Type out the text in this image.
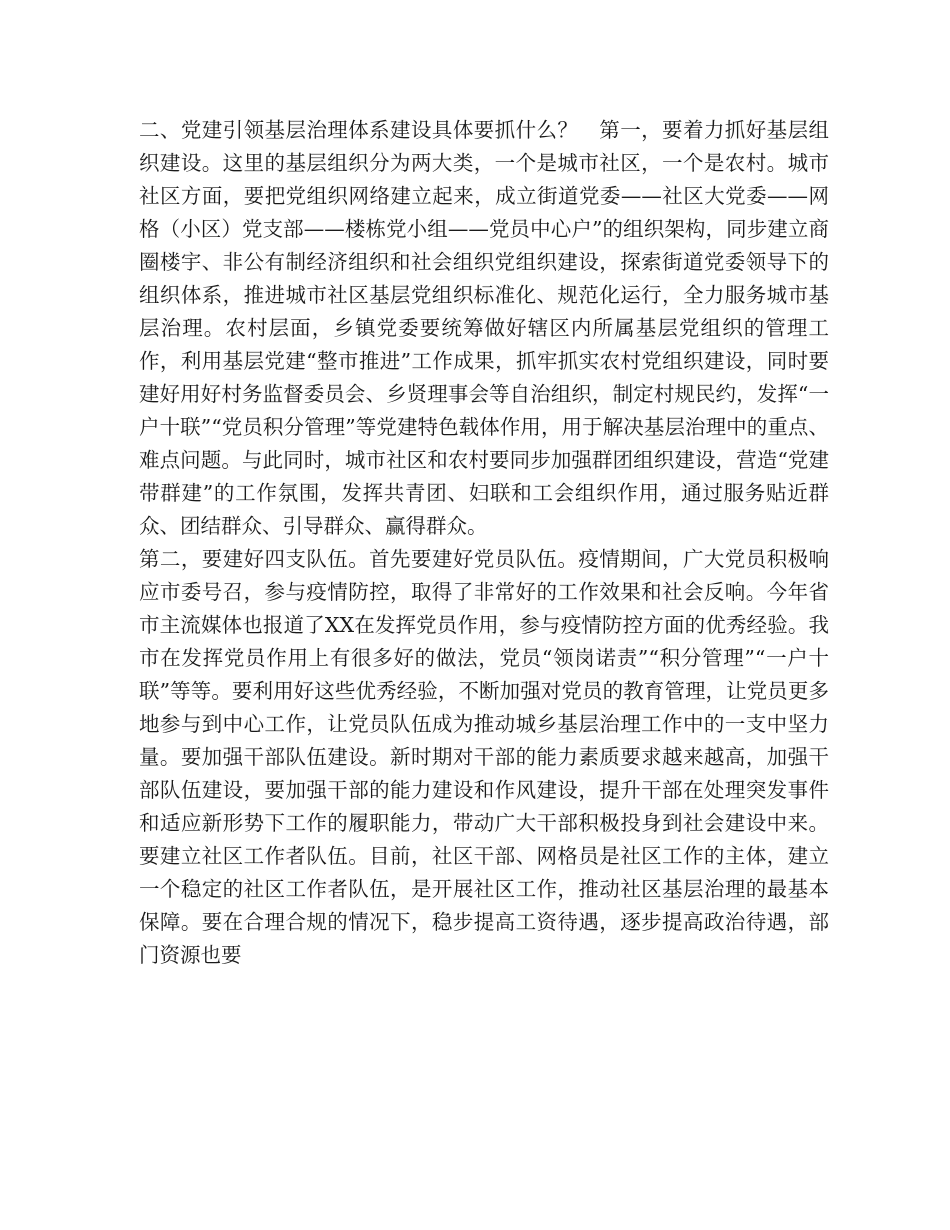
二、党建引领基层治理体系建设具体要抓什么？　第一，要着力抓好基层组织建设。这里的基层组织分为两大类，一个是城市社区，一个是农村。城市社区方面，要把党组织网络建立起来，成立街道党委——社区大党委——网格（小区）党支部——楼栋党小组——党员中心户”的组织架构，同步建立商圈楼宇、非公有制经济组织和社会组织党组织建设，探索街道党委领导下的组织体系，推进城市社区基层党组织标准化、规范化运行，全力服务城市基层治理。农村层面，乡镇党委要统筹做好辖区内所属基层党组织的管理工作，利用基层党建“整市推进”工作成果，抓牢抓实农村党组织建设，同时要建好用好村务监督委员会、乡贤理事会等自治组织，制定村规民约，发挥“一户十联”“党员积分管理”等党建特色载体作用，用于解决基层治理中的重点、难点问题。与此同时，城市社区和农村要同步加强群团组织建设，营造“党建带群建”的工作氛围，发挥共青团、妇联和工会组织作用，通过服务贴近群众、团结群众、引导群众、赢得群众。

第二，要建好四支队伍。首先要建好党员队伍。疫情期间，广大党员积极响应市委号召，参与疫情防控，取得了非常好的工作效果和社会反响。今年省市主流媒体也报道了XX在发挥党员作用，参与疫情防控方面的优秀经验。我市在发挥党员作用上有很多好的做法，党员“领岗诺责”“积分管理”“一户十联”等等。要利用好这些优秀经验，不断加强对党员的教育管理，让党员更多地参与到中心工作，让党员队伍成为推动城乡基层治理工作中的一支中坚力量。要加强干部队伍建设。新时期对干部的能力素质要求越来越高，加强干部队伍建设，要加强干部的能力建设和作风建设，提升干部在处理突发事件和适应新形势下工作的履职能力，带动广大干部积极投身到社会建设中来。要建立社区工作者队伍。目前，社区干部、网格员是社区工作的主体，建立一个稳定的社区工作者队伍，是开展社区工作，推动社区基层治理的最基本保障。要在合理合规的情况下，稳步提高工资待遇，逐步提高政治待遇，部门资源也要
